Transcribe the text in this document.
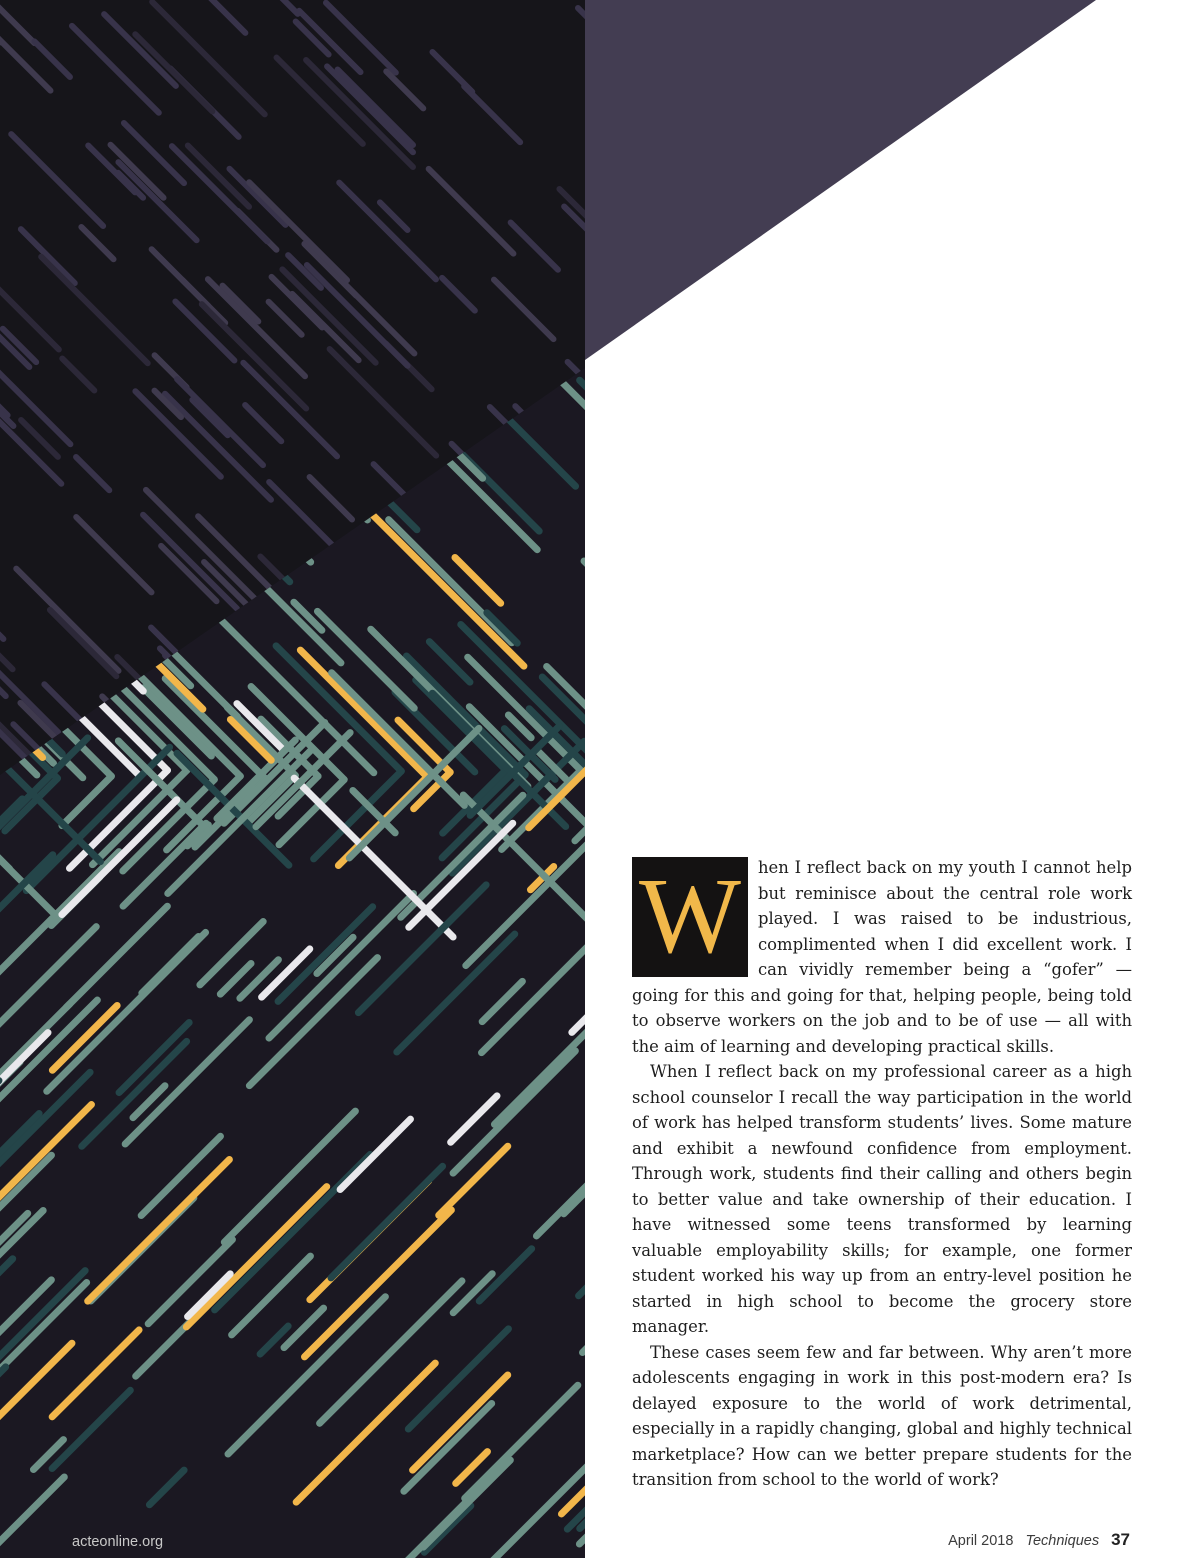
W	hen I reflect back on my youth I cannot help but reminisce about the central role work played. I was raised to be industrious, complimented when I did excellent work. I can vividly remember being a “gofer” — going for this and going for that, helping people, being told to observe workers on the job and to be of use — all with the aim of learning and developing practical skills.

When I reflect back on my professional career as a high school counselor I recall the way participation in the world of work has helped transform students’ lives. Some mature and exhibit a newfound confidence from employment. Through work, students find their calling and others begin to better value and take ownership of their education. I have witnessed some teens transformed by learning valuable employability skills; for example, one former student worked his way up from an entry-level position he started in high school to become the grocery store manager.

These cases seem few and far between. Why aren’t more adolescents engaging in work in this post-modern era? Is delayed exposure to the world of work detrimental, especially in a rapidly changing, global and highly technical marketplace? How can we better prepare students for the transition from school to the world of work?

acteonline.org	April 2018 Techniques 37
